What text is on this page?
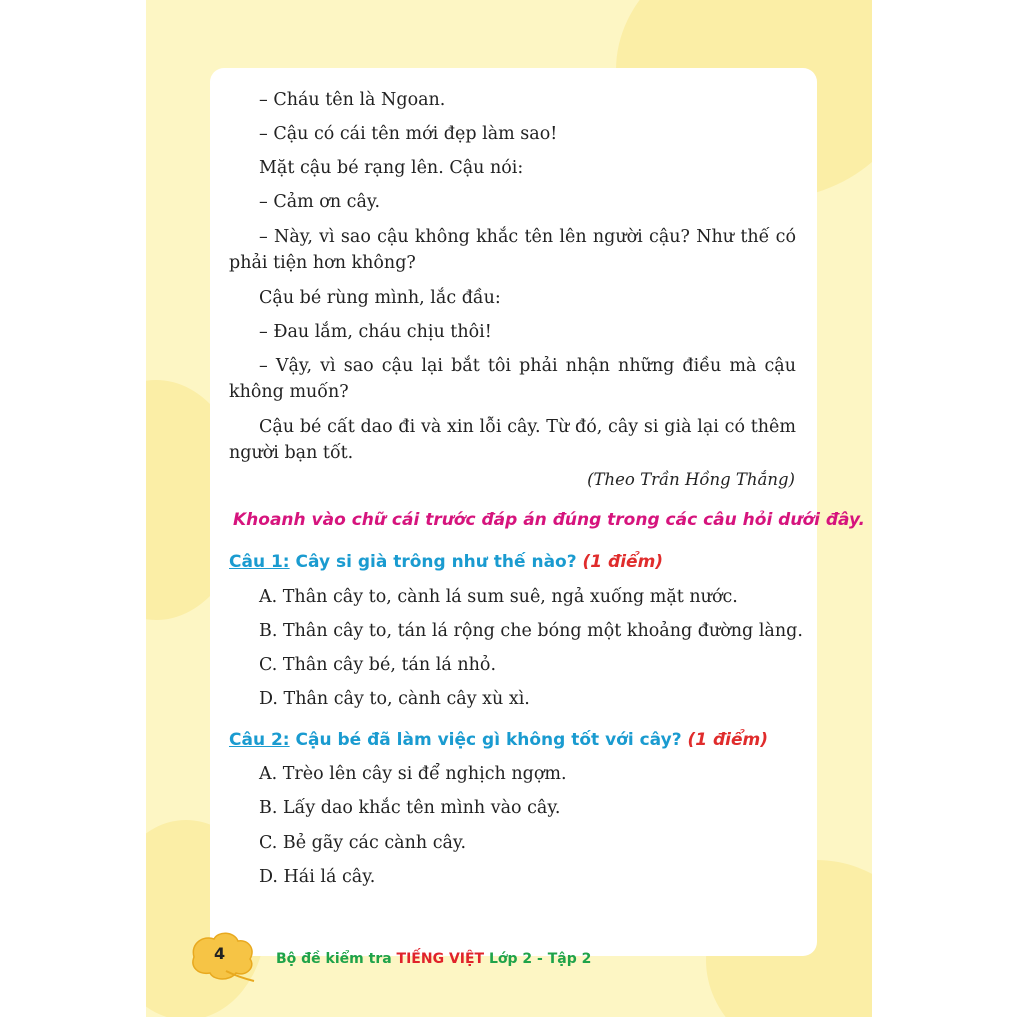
– Cháu tên là Ngoan.

– Cậu có cái tên mới đẹp làm sao!

Mặt cậu bé rạng lên. Cậu nói:

– Cảm ơn cây.

– Này, vì sao cậu không khắc tên lên người cậu? Như thế có phải tiện hơn không?

Cậu bé rùng mình, lắc đầu:

– Đau lắm, cháu chịu thôi!

– Vậy, vì sao cậu lại bắt tôi phải nhận những điều mà cậu không muốn?

Cậu bé cất dao đi và xin lỗi cây. Từ đó, cây si già lại có thêm người bạn tốt.

(Theo Trần Hồng Thắng)
Khoanh vào chữ cái trước đáp án đúng trong các câu hỏi dưới đây.
Câu 1: Cây si già trông như thế nào? (1 điểm)
A. Thân cây to, cành lá sum suê, ngả xuống mặt nước.
B. Thân cây to, tán lá rộng che bóng một khoảng đường làng.
C. Thân cây bé, tán lá nhỏ.
D. Thân cây to, cành cây xù xì.
Câu 2: Cậu bé đã làm việc gì không tốt với cây? (1 điểm)
A. Trèo lên cây si để nghịch ngợm.
B. Lấy dao khắc tên mình vào cây.
C. Bẻ gãy các cành cây.
D. Hái lá cây.
4	Bộ đề kiểm tra TIẾNG VIỆT Lớp 2 - Tập 2
